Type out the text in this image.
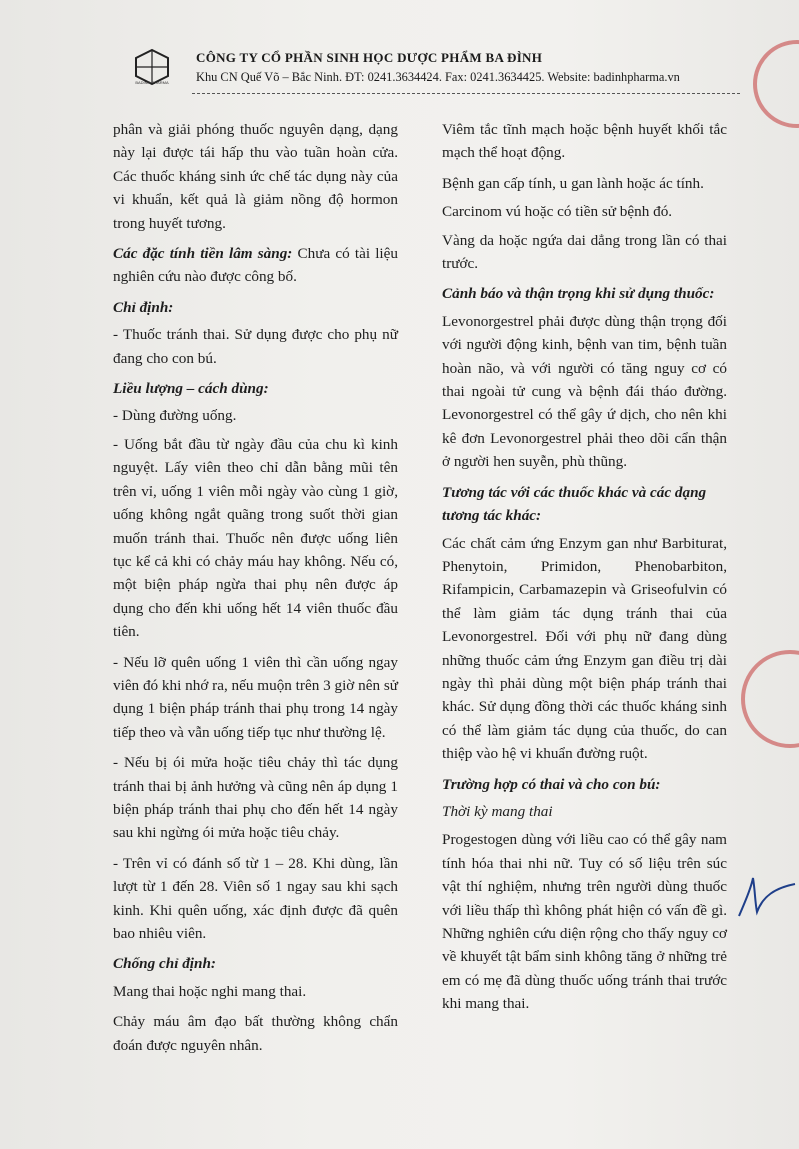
BADINH PHARMA
CÔNG TY CỔ PHẦN SINH HỌC DƯỢC PHẨM BA ĐÌNH
Khu CN Quế Võ – Bắc Ninh. ĐT: 0241.3634424. Fax: 0241.3634425. Website: badinhpharma.vn

phân và giải phóng thuốc nguyên dạng, dạng này lại được tái hấp thu vào tuần hoàn cửa. Các thuốc kháng sinh ức chế tác dụng này của vi khuẩn, kết quả là giảm nồng độ hormon trong huyết tương.

Các đặc tính tiền lâm sàng: Chưa có tài liệu nghiên cứu nào được công bố.

Chỉ định:

- Thuốc tránh thai. Sử dụng được cho phụ nữ đang cho con bú.

Liều lượng – cách dùng:

- Dùng đường uống.

- Uống bắt đầu từ ngày đầu của chu kì kinh nguyệt. Lấy viên theo chỉ dẫn bằng mũi tên trên vỉ, uống 1 viên mỗi ngày vào cùng 1 giờ, uống không ngắt quãng trong suốt thời gian muốn tránh thai. Thuốc nên được uống liên tục kể cả khi có chảy máu hay không. Nếu có, một biện pháp ngừa thai phụ nên được áp dụng cho đến khi uống hết 14 viên thuốc đầu tiên.

- Nếu lỡ quên uống 1 viên thì cần uống ngay viên đó khi nhớ ra, nếu muộn trên 3 giờ nên sử dụng 1 biện pháp tránh thai phụ trong 14 ngày tiếp theo và vẫn uống tiếp tục như thường lệ.

- Nếu bị ói mửa hoặc tiêu chảy thì tác dụng tránh thai bị ảnh hưởng và cũng nên áp dụng 1 biện pháp tránh thai phụ cho đến hết 14 ngày sau khi ngừng ói mửa hoặc tiêu chảy.

- Trên vỉ có đánh số từ 1 – 28. Khi dùng, lần lượt từ 1 đến 28. Viên số 1 ngay sau khi sạch kinh. Khi quên uống, xác định được đã quên bao nhiêu viên.

Chống chỉ định:

Mang thai hoặc nghi mang thai.

Chảy máu âm đạo bất thường không chẩn đoán được nguyên nhân.

Viêm tắc tĩnh mạch hoặc bệnh huyết khối tắc mạch thể hoạt động.

Bệnh gan cấp tính, u gan lành hoặc ác tính.

Carcinom vú hoặc có tiền sử bệnh đó.

Vàng da hoặc ngứa dai dẳng trong lần có thai trước.

Cảnh báo và thận trọng khi sử dụng thuốc:

Levonorgestrel phải được dùng thận trọng đối với người động kinh, bệnh van tim, bệnh tuần hoàn não, và với người có tăng nguy cơ có thai ngoài tử cung và bệnh đái tháo đường. Levonorgestrel có thể gây ứ dịch, cho nên khi kê đơn Levonorgestrel phải theo dõi cẩn thận ở người hen suyễn, phù thũng.

Tương tác với các thuốc khác và các dạng tương tác khác:

Các chất cảm ứng Enzym gan như Barbiturat, Phenytoin, Primidon, Phenobarbiton, Rifampicin, Carbamazepin và Griseofulvin có thể làm giảm tác dụng tránh thai của Levonorgestrel. Đối với phụ nữ đang dùng những thuốc cảm ứng Enzym gan điều trị dài ngày thì phải dùng một biện pháp tránh thai khác. Sử dụng đồng thời các thuốc kháng sinh có thể làm giảm tác dụng của thuốc, do can thiệp vào hệ vi khuẩn đường ruột.

Trường hợp có thai và cho con bú:

Thời kỳ mang thai

Progestogen dùng với liều cao có thể gây nam tính hóa thai nhi nữ. Tuy có số liệu trên súc vật thí nghiệm, nhưng trên người dùng thuốc với liều thấp thì không phát hiện có vấn đề gì. Những nghiên cứu diện rộng cho thấy nguy cơ về khuyết tật bẩm sinh không tăng ở những trẻ em có mẹ đã dùng thuốc uống tránh thai trước khi mang thai.
